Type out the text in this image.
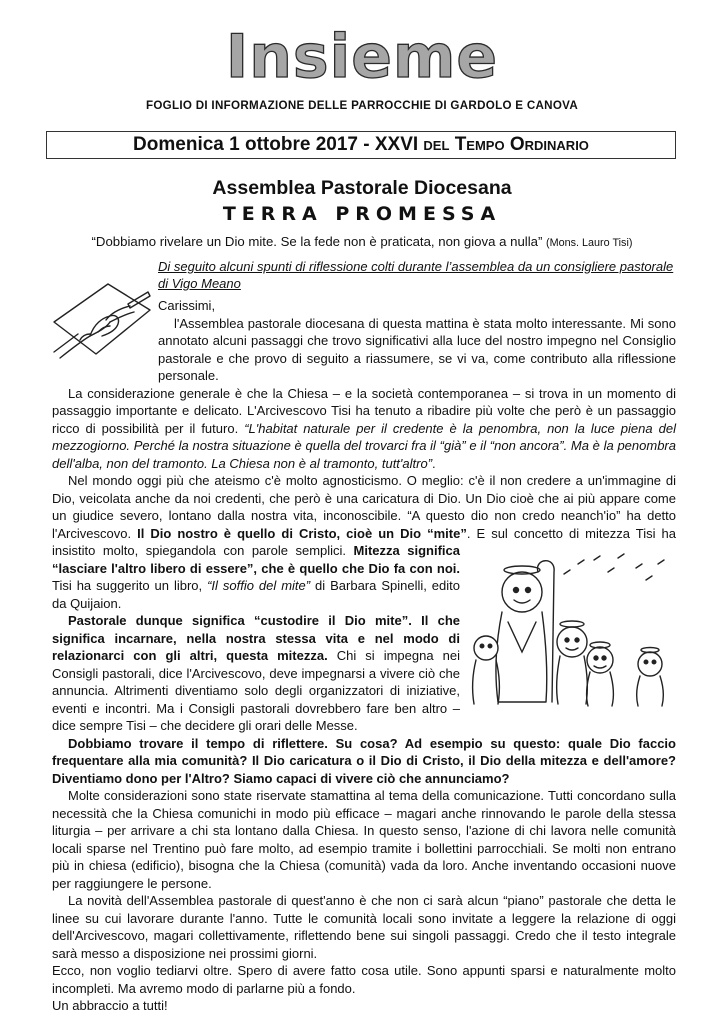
Insieme
FOGLIO DI INFORMAZIONE DELLE PARROCCHIE DI GARDOLO E CANOVA
Domenica 1 ottobre 2017 - XXVI del Tempo Ordinario
Assemblea Pastorale Diocesana
TERRA PROMESSA
“Dobbiamo rivelare un Dio mite. Se la fede non è praticata, non giova a nulla” (Mons. Lauro Tisi)
Di seguito alcuni spunti di riflessione colti durante l’assemblea da un consigliere pastorale di Vigo Meano

Carissimi,

l'Assemblea pastorale diocesana di questa mattina è stata molto interessante. Mi sono annotato alcuni passaggi che trovo significativi alla luce del nostro impegno nel Consiglio pastorale e che provo di seguito a riassumere, se vi va, come contributo alla riflessione personale.

La considerazione generale è che la Chiesa – e la società contemporanea – si trova in un momento di passaggio importante e delicato. L'Arcivescovo Tisi ha tenuto a ribadire più volte che però è un passaggio ricco di possibilità per il futuro. “L'habitat naturale per il credente è la penombra, non la luce piena del mezzogiorno. Perché la nostra situazione è quella del trovarci fra il “già” e il “non ancora”. Ma è la penombra dell'alba, non del tramonto. La Chiesa non è al tramonto, tutt'altro”.

Nel mondo oggi più che ateismo c'è molto agnosticismo. O meglio: c'è il non credere a un'immagine di Dio, veicolata anche da noi credenti, che però è una caricatura di Dio. Un Dio cioè che ai più appare come un giudice severo, lontano dalla nostra vita, inconoscibile. “A questo dio non credo neanch'io” ha detto l'Arcivescovo. Il Dio nostro è quello di Cristo, cioè un Dio “mite”. E sul concetto di mitezza Tisi ha insistito molto, spiegandola con parole semplici.
Mitezza significa “lasciare l'altro libero di essere”, che è quello che Dio fa con noi. Tisi ha suggerito un libro, “Il soffio del mite” di Barbara Spinelli, edito da Quijaion.

Pastorale dunque significa “custodire il Dio mite”. Il che significa incarnare, nella nostra stessa vita e nel modo di relazionarci con gli altri, questa mitezza. Chi si impegna nei Consigli pastorali, dice l'Arcivescovo, deve impegnarsi a vivere ciò che annuncia. Altrimenti diventiamo solo degli organizzatori di iniziative, eventi e incontri. Ma i Consigli pastorali dovrebbero fare ben altro – dice sempre Tisi – che decidere gli orari delle Messe.

Dobbiamo trovare il tempo di riflettere. Su cosa? Ad esempio su questo: quale Dio faccio frequentare alla mia comunità? Il Dio caricatura o il Dio di Cristo, il Dio della mitezza e dell'amore? Diventiamo dono per l'Altro? Siamo capaci di vivere ciò che annunciamo?

Molte considerazioni sono state riservate stamattina al tema della comunicazione. Tutti concordano sulla necessità che la Chiesa comunichi in modo più efficace – magari anche rinnovando le parole della stessa liturgia – per arrivare a chi sta lontano dalla Chiesa. In questo senso, l'azione di chi lavora nelle comunità locali sparse nel Trentino può fare molto, ad esempio tramite i bollettini parrocchiali. Se molti non entrano più in chiesa (edificio), bisogna che la Chiesa (comunità) vada da loro. Anche inventando occasioni nuove per raggiungere le persone.

La novità dell'Assemblea pastorale di quest'anno è che non ci sarà alcun “piano” pastorale che detta le linee su cui lavorare durante l'anno. Tutte le comunità locali sono invitate a leggere la relazione di oggi dell'Arcivescovo, magari collettivamente, riflettendo bene sui singoli passaggi. Credo che il testo integrale sarà messo a disposizione nei prossimi giorni.

Ecco, non voglio tediarvi oltre. Spero di avere fatto cosa utile. Sono appunti sparsi e naturalmente molto incompleti. Ma avremo modo di parlarne più a fondo.

Un abbraccio a tutti!
